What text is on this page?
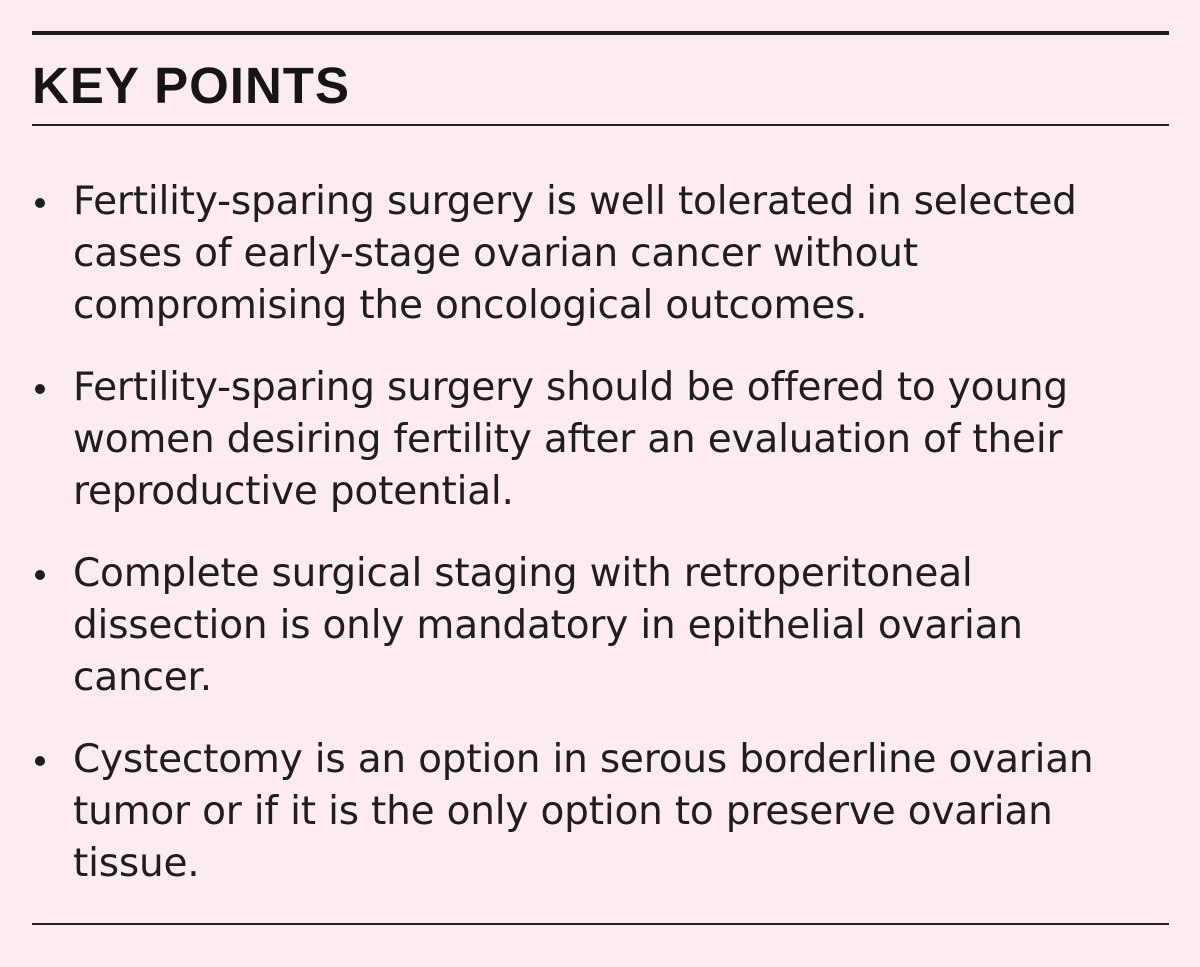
KEY POINTS
Fertility-sparing surgery is well tolerated in selected cases of early-stage ovarian cancer without compromising the oncological outcomes.
Fertility-sparing surgery should be offered to young women desiring fertility after an evaluation of their reproductive potential.
Complete surgical staging with retroperitoneal dissection is only mandatory in epithelial ovarian cancer.
Cystectomy is an option in serous borderline ovarian tumor or if it is the only option to preserve ovarian tissue.
